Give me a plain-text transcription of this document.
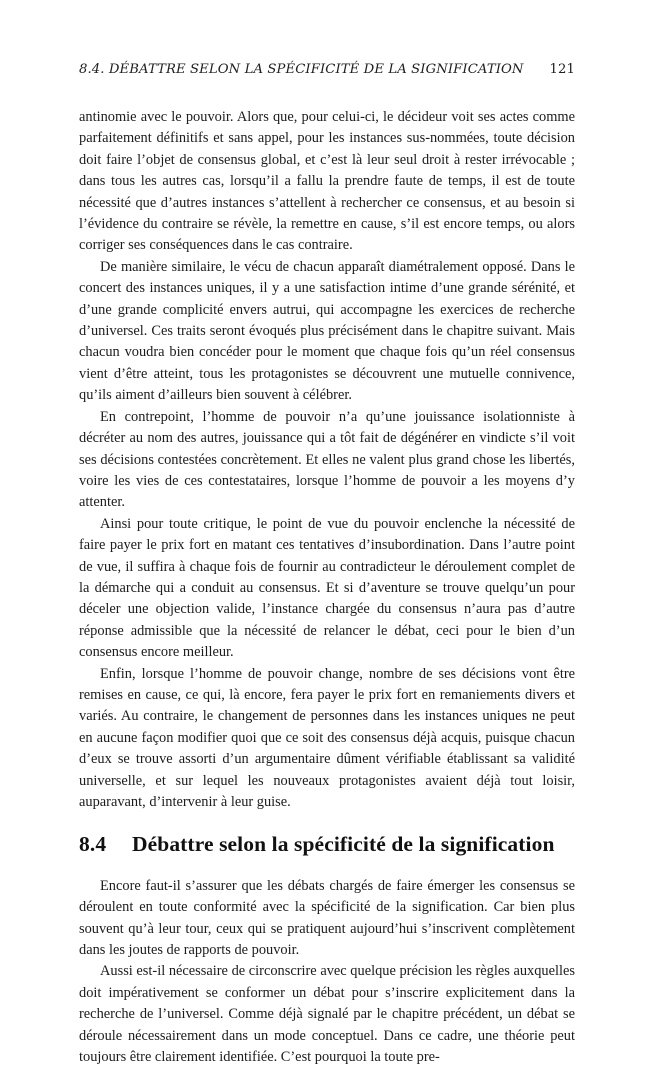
8.4. DÉBATTRE SELON LA SPÉCIFICITÉ DE LA SIGNIFICATION 121

antinomie avec le pouvoir. Alors que, pour celui-ci, le décideur voit ses actes comme parfaitement définitifs et sans appel, pour les instances sus-nommées, toute décision doit faire l’objet de consensus global, et c’est là leur seul droit à rester irrévocable ; dans tous les autres cas, lorsqu’il a fallu la prendre faute de temps, il est de toute nécessité que d’autres instances s’attellent à rechercher ce consensus, et au besoin si l’évidence du contraire se révèle, la remettre en cause, s’il est encore temps, ou alors corriger ses conséquences dans le cas contraire.

De manière similaire, le vécu de chacun apparaît diamétralement opposé. Dans le concert des instances uniques, il y a une satisfaction intime d’une grande sérénité, et d’une grande complicité envers autrui, qui accompagne les exercices de recherche d’universel. Ces traits seront évoqués plus précisément dans le chapitre suivant. Mais chacun voudra bien concéder pour le moment que chaque fois qu’un réel consensus vient d’être atteint, tous les protagonistes se découvrent une mutuelle connivence, qu’ils aiment d’ailleurs bien souvent à célébrer.

En contrepoint, l’homme de pouvoir n’a qu’une jouissance isolationniste à décréter au nom des autres, jouissance qui a tôt fait de dégénérer en vindicte s’il voit ses décisions contestées concrètement. Et elles ne valent plus grand chose les libertés, voire les vies de ces contestataires, lorsque l’homme de pouvoir a les moyens d’y attenter.

Ainsi pour toute critique, le point de vue du pouvoir enclenche la nécessité de faire payer le prix fort en matant ces tentatives d’insubordination. Dans l’autre point de vue, il suffira à chaque fois de fournir au contradicteur le déroulement complet de la démarche qui a conduit au consensus. Et si d’aventure se trouve quelqu’un pour déceler une objection valide, l’instance chargée du consensus n’aura pas d’autre réponse admissible que la nécessité de relancer le débat, ceci pour le bien d’un consensus encore meilleur.

Enfin, lorsque l’homme de pouvoir change, nombre de ses décisions vont être remises en cause, ce qui, là encore, fera payer le prix fort en remaniements divers et variés. Au contraire, le changement de personnes dans les instances uniques ne peut en aucune façon modifier quoi que ce soit des consensus déjà acquis, puisque chacun d’eux se trouve assorti d’un argumentaire dûment vérifiable établissant sa validité universelle, et sur lequel les nouveaux protagonistes avaient déjà tout loisir, auparavant, d’intervenir à leur guise.

8.4	Débattre selon la spécificité de la signification

Encore faut-il s’assurer que les débats chargés de faire émerger les consensus se déroulent en toute conformité avec la spécificité de la signification. Car bien plus souvent qu’à leur tour, ceux qui se pratiquent aujourd’hui s’inscrivent complètement dans les joutes de rapports de pouvoir.

Aussi est-il nécessaire de circonscrire avec quelque précision les règles auxquelles doit impérativement se conformer un débat pour s’inscrire explicitement dans la recherche de l’universel. Comme déjà signalé par le chapitre précédent, un débat se déroule nécessairement dans un mode conceptuel. Dans ce cadre, une théorie peut toujours être clairement identifiée. C’est pourquoi la toute pre-
